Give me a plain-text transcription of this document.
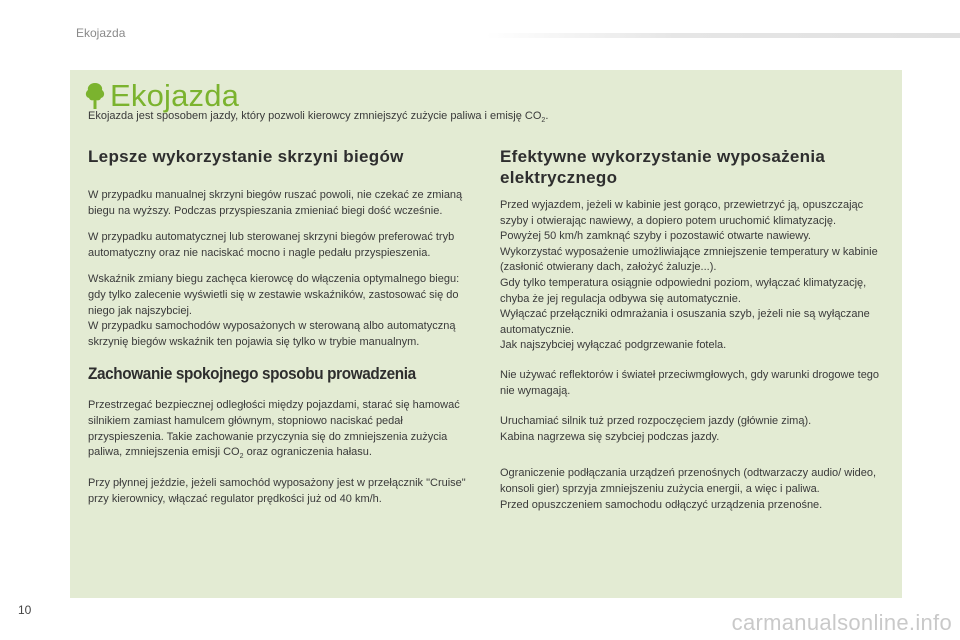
Ekojazda
Ekojazda
Ekojazda jest sposobem jazdy, który pozwoli kierowcy zmniejszyć zużycie paliwa i emisję $CO_2$.
Lepsze wykorzystanie skrzyni biegów

W przypadku manualnej skrzyni biegów ruszać powoli, nie czekać ze zmianą biegu na wyższy. Podczas przyspieszania zmieniać biegi dość wcześnie.

W przypadku automatycznej lub sterowanej skrzyni biegów preferować tryb automatyczny oraz nie naciskać mocno i nagle pedału przyspieszenia.

Wskaźnik zmiany biegu zachęca kierowcę do włączenia optymalnego biegu: gdy tylko zalecenie wyświetli się w zestawie wskaźników, zastosować się do niego jak najszybciej.
W przypadku samochodów wyposażonych w sterowaną albo automatyczną skrzynię biegów wskaźnik ten pojawia się tylko w trybie manualnym.

Zachowanie spokojnego sposobu prowadzenia

Przestrzegać bezpiecznej odległości między pojazdami, starać się hamować silnikiem zamiast hamulcem głównym, stopniowo naciskać pedał przyspieszenia. Takie zachowanie przyczynia się do zmniejszenia zużycia paliwa, zmniejszenia emisji $CO_2$ oraz ograniczenia hałasu.

Przy płynnej jeździe, jeżeli samochód wyposażony jest w przełącznik "Cruise" przy kierownicy, włączać regulator prędkości już od 40 km/h.

Efektywne wykorzystanie wyposażenia elektrycznego

Przed wyjazdem, jeżeli w kabinie jest gorąco, przewietrzyć ją, opuszczając szyby i otwierając nawiewy, a dopiero potem uruchomić klimatyzację.
Powyżej 50 km/h zamknąć szyby i pozostawić otwarte nawiewy.
Wykorzystać wyposażenie umożliwiające zmniejszenie temperatury w kabinie (zasłonić otwierany dach, założyć żaluzje...).
Gdy tylko temperatura osiągnie odpowiedni poziom, wyłączać klimatyzację, chyba że jej regulacja odbywa się automatycznie.
Wyłączać przełączniki odmrażania i osuszania szyb, jeżeli nie są wyłączane automatycznie.
Jak najszybciej wyłączać podgrzewanie fotela.

Nie używać reflektorów i świateł przeciwmgłowych, gdy warunki drogowe tego nie wymagają.

Uruchamiać silnik tuż przed rozpoczęciem jazdy (głównie zimą).
Kabina nagrzewa się szybciej podczas jazdy.

Ograniczenie podłączania urządzeń przenośnych (odtwarzaczy audio/ wideo, konsoli gier) sprzyja zmniejszeniu zużycia energii, a więc i paliwa.
Przed opuszczeniem samochodu odłączyć urządzenia przenośne.

10	carmanualsonline.info
